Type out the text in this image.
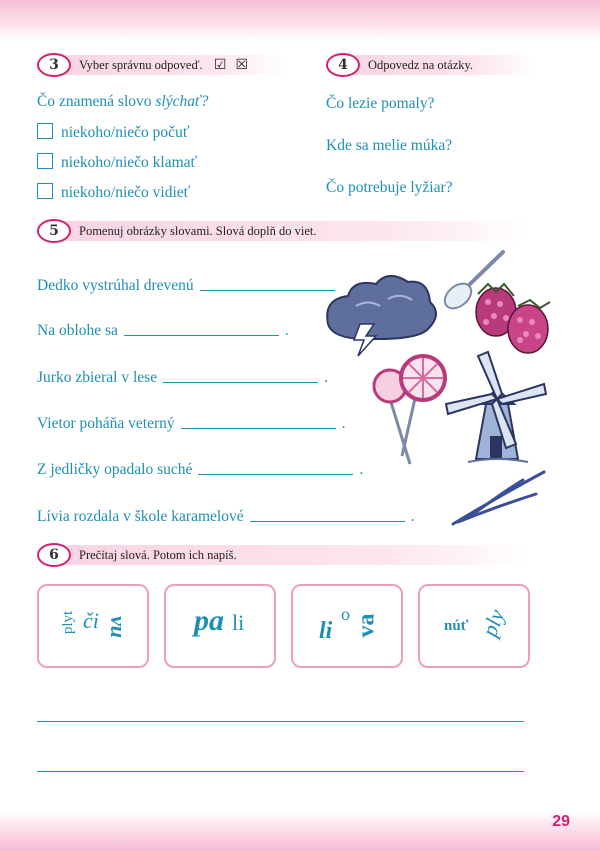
3	Vyber správnu odpoveď. ☑ ☒
Čo znamená slovo slýchať?
niekoho/niečo počuť
niekoho/niečo klamať
niekoho/niečo vidieť
4	Odpovedz na otázky.
Čo lezie pomaly?
Kde sa melie múka?
Čo potrebuje lyžiar?
5	Pomenuj obrázky slovami. Slová doplň do viet.
Dedko vystrúhal drevenú
Na oblohe sa	.
Jurko zbieral v lese	.
Vietor poháňa veterný	.
Z jedličky opadalo suché	.
Lívia rozdala v škole karamelové	.
6	Prečítaj slová. Potom ich napíš.
plyt či vu pa li	li
o va	núť ply
29
